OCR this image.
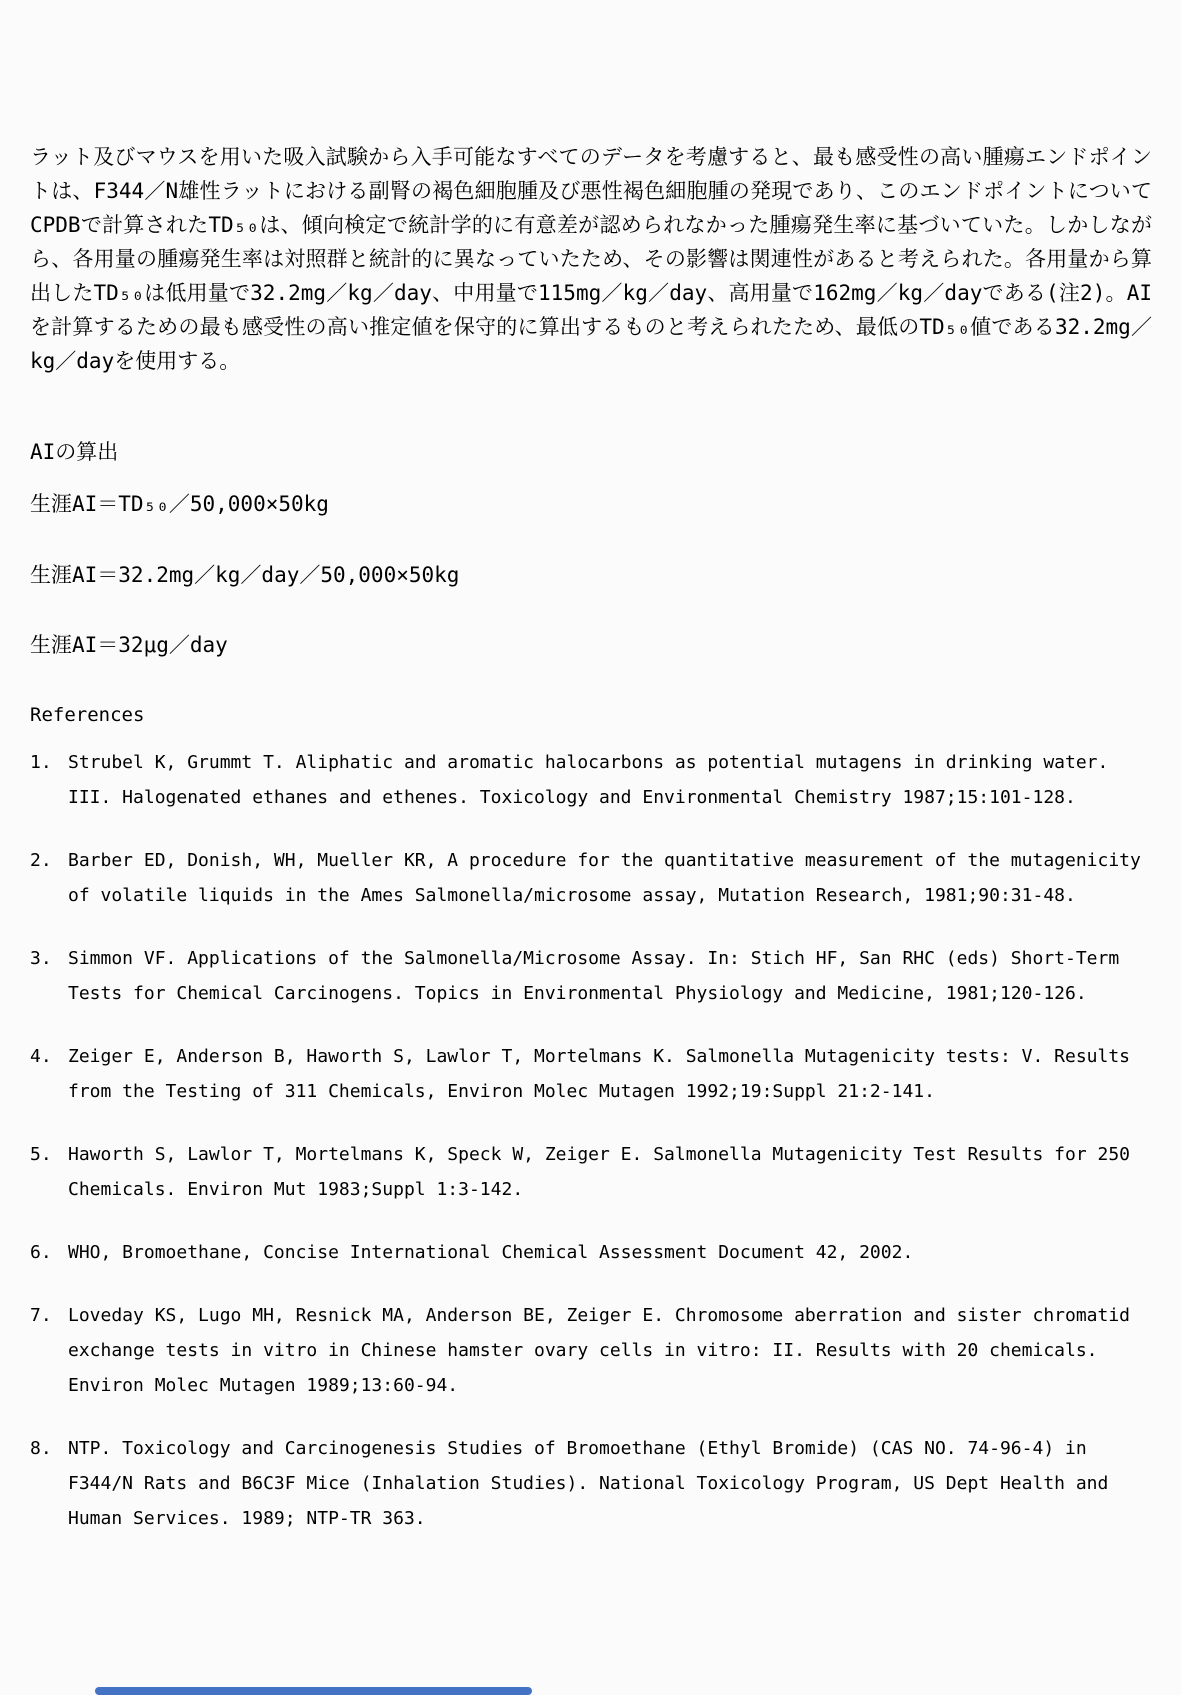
ラット及びマウスを用いた吸入試験から入手可能なすべてのデータを考慮すると、最も感受性の高い腫瘍エンドポイントは、F344／N雄性ラットにおける副腎の褐色細胞腫及び悪性褐色細胞腫の発現であり、このエンドポイントについてCPDBで計算されたTD₅₀は、傾向検定で統計学的に有意差が認められなかった腫瘍発生率に基づいていた。しかしながら、各用量の腫瘍発生率は対照群と統計的に異なっていたため、その影響は関連性があると考えられた。各用量から算出したTD₅₀は低用量で32.2mg／kg／day、中用量で115mg／kg／day、高用量で162mg／kg／dayである(注2)。AIを計算するための最も感受性の高い推定値を保守的に算出するものと考えられたため、最低のTD₅₀値である32.2mg／kg／dayを使用する。

AIの算出

生涯AI＝TD₅₀／50,000×50kg

生涯AI＝32.2mg／kg／day／50,000×50kg

生涯AI＝32μg／day

References
1. Strubel K, Grummt T. Aliphatic and aromatic halocarbons as potential mutagens in drinking water. III. Halogenated ethanes and ethenes. Toxicology and Environmental Chemistry 1987;15:101-128.
2. Barber ED, Donish, WH, Mueller KR, A procedure for the quantitative measurement of the mutagenicity of volatile liquids in the Ames Salmonella/microsome assay, Mutation Research, 1981;90:31-48.
3. Simmon VF. Applications of the Salmonella/Microsome Assay. In: Stich HF, San RHC (eds) Short-Term Tests for Chemical Carcinogens. Topics in Environmental Physiology and Medicine, 1981;120-126.
4. Zeiger E, Anderson B, Haworth S, Lawlor T, Mortelmans K. Salmonella Mutagenicity tests: V. Results from the Testing of 311 Chemicals, Environ Molec Mutagen 1992;19:Suppl 21:2-141.
5. Haworth S, Lawlor T, Mortelmans K, Speck W, Zeiger E. Salmonella Mutagenicity Test Results for 250 Chemicals. Environ Mut 1983;Suppl 1:3-142.
6. WHO, Bromoethane, Concise International Chemical Assessment Document 42, 2002.
7. Loveday KS, Lugo MH, Resnick MA, Anderson BE, Zeiger E. Chromosome aberration and sister chromatid exchange tests in vitro in Chinese hamster ovary cells in vitro: II. Results with 20 chemicals. Environ Molec Mutagen 1989;13:60-94.
8. NTP. Toxicology and Carcinogenesis Studies of Bromoethane (Ethyl Bromide) (CAS NO. 74-96-4) in F344/N Rats and B6C3F Mice (Inhalation Studies). National Toxicology Program, US Dept Health and Human Services. 1989; NTP-TR 363.
